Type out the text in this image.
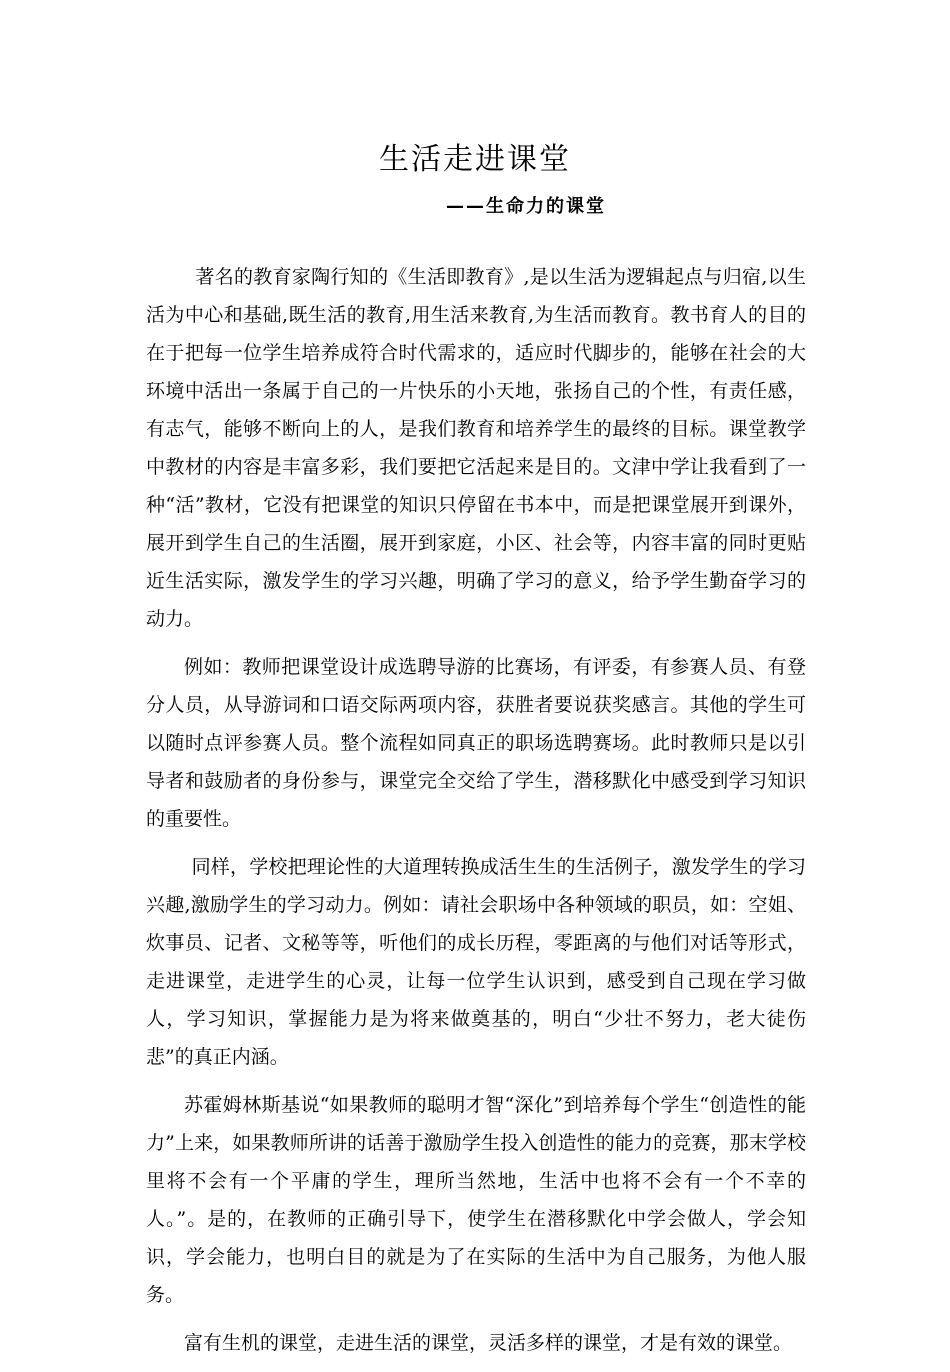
生活走进课堂
——生命力的课堂

著名的教育家陶行知的《生活即教育》,是以生活为逻辑起点与归宿,以生活为中心和基础,既生活的教育,用生活来教育,为生活而教育。教书育人的目的在于把每一位学生培养成符合时代需求的，适应时代脚步的，能够在社会的大环境中活出一条属于自己的一片快乐的小天地，张扬自己的个性，有责任感，有志气，能够不断向上的人，是我们教育和培养学生的最终的目标。课堂教学中教材的内容是丰富多彩，我们要把它活起来是目的。文津中学让我看到了一种“活”教材，它没有把课堂的知识只停留在书本中，而是把课堂展开到课外，展开到学生自己的生活圈，展开到家庭，小区、社会等，内容丰富的同时更贴近生活实际，激发学生的学习兴趣，明确了学习的意义，给予学生勤奋学习的动力。

例如：教师把课堂设计成选聘导游的比赛场，有评委，有参赛人员、有登分人员，从导游词和口语交际两项内容，获胜者要说获奖感言。其他的学生可以随时点评参赛人员。整个流程如同真正的职场选聘赛场。此时教师只是以引导者和鼓励者的身份参与，课堂完全交给了学生，潜移默化中感受到学习知识的重要性。

同样，学校把理论性的大道理转换成活生生的生活例子，激发学生的学习兴趣,激励学生的学习动力。例如：请社会职场中各种领域的职员，如：空姐、炊事员、记者、文秘等等，听他们的成长历程，零距离的与他们对话等形式，走进课堂，走进学生的心灵，让每一位学生认识到，感受到自己现在学习做人，学习知识，掌握能力是为将来做奠基的，明白“少壮不努力，老大徒伤悲”的真正内涵。

苏霍姆林斯基说“如果教师的聪明才智“深化”到培养每个学生“创造性的能力”上来，如果教师所讲的话善于激励学生投入创造性的能力的竞赛，那末学校里将不会有一个平庸的学生，理所当然地，生活中也将不会有一个不幸的人。”。是的，在教师的正确引导下，使学生在潜移默化中学会做人，学会知识，学会能力，也明白目的就是为了在实际的生活中为自己服务，为他人服务。

富有生机的课堂，走进生活的课堂，灵活多样的课堂，才是有效的课堂。
